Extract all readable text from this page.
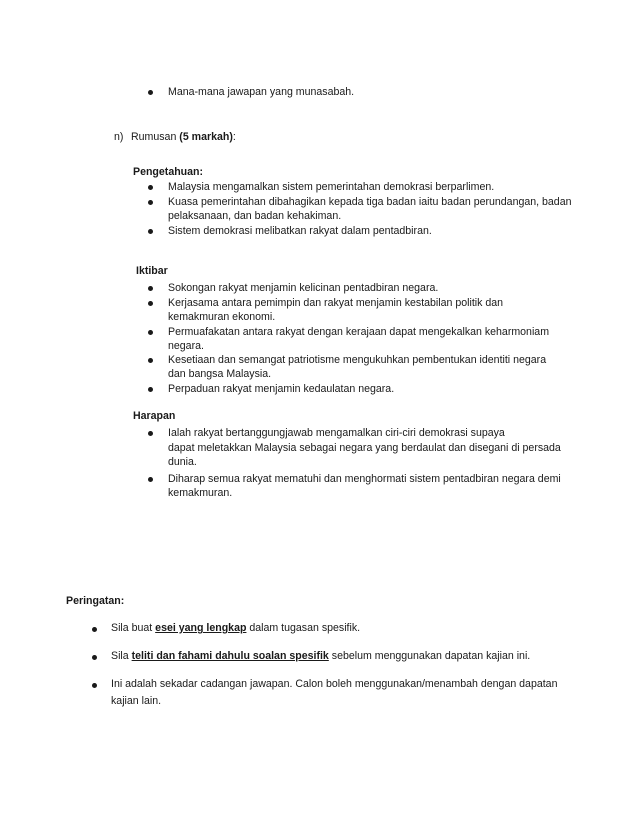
Mana-mana jawapan yang munasabah.
n) Rumusan (5 markah):
Pengetahuan:
Malaysia mengamalkan sistem pemerintahan demokrasi berparlimen.
Kuasa pemerintahan dibahagikan kepada tiga badan iaitu badan perundangan, badan
pelaksanaan, dan badan kehakiman.
Sistem demokrasi melibatkan rakyat dalam pentadbiran.
Iktibar
Sokongan rakyat menjamin kelicinan pentadbiran negara.
Kerjasama antara pemimpin dan rakyat menjamin kestabilan politik dan
kemakmuran ekonomi.
Permuafakatan antara rakyat dengan kerajaan dapat mengekalkan keharmoniam
negara.
Kesetiaan dan semangat patriotisme mengukuhkan pembentukan identiti negara
dan bangsa Malaysia.
Perpaduan rakyat menjamin kedaulatan negara.
Harapan
Ialah rakyat bertanggungjawab mengamalkan ciri-ciri demokrasi supaya
dapat meletakkan Malaysia sebagai negara yang berdaulat dan disegani di persada
dunia.
Diharap semua rakyat mematuhi dan menghormati sistem pentadbiran negara demi
kemakmuran.
Peringatan:
Sila buat esei yang lengkap dalam tugasan spesifik.
Sila teliti dan fahami dahulu soalan spesifik sebelum menggunakan dapatan kajian ini.
Ini adalah sekadar cadangan jawapan. Calon boleh menggunakan/menambah dengan dapatan
kajian lain.
